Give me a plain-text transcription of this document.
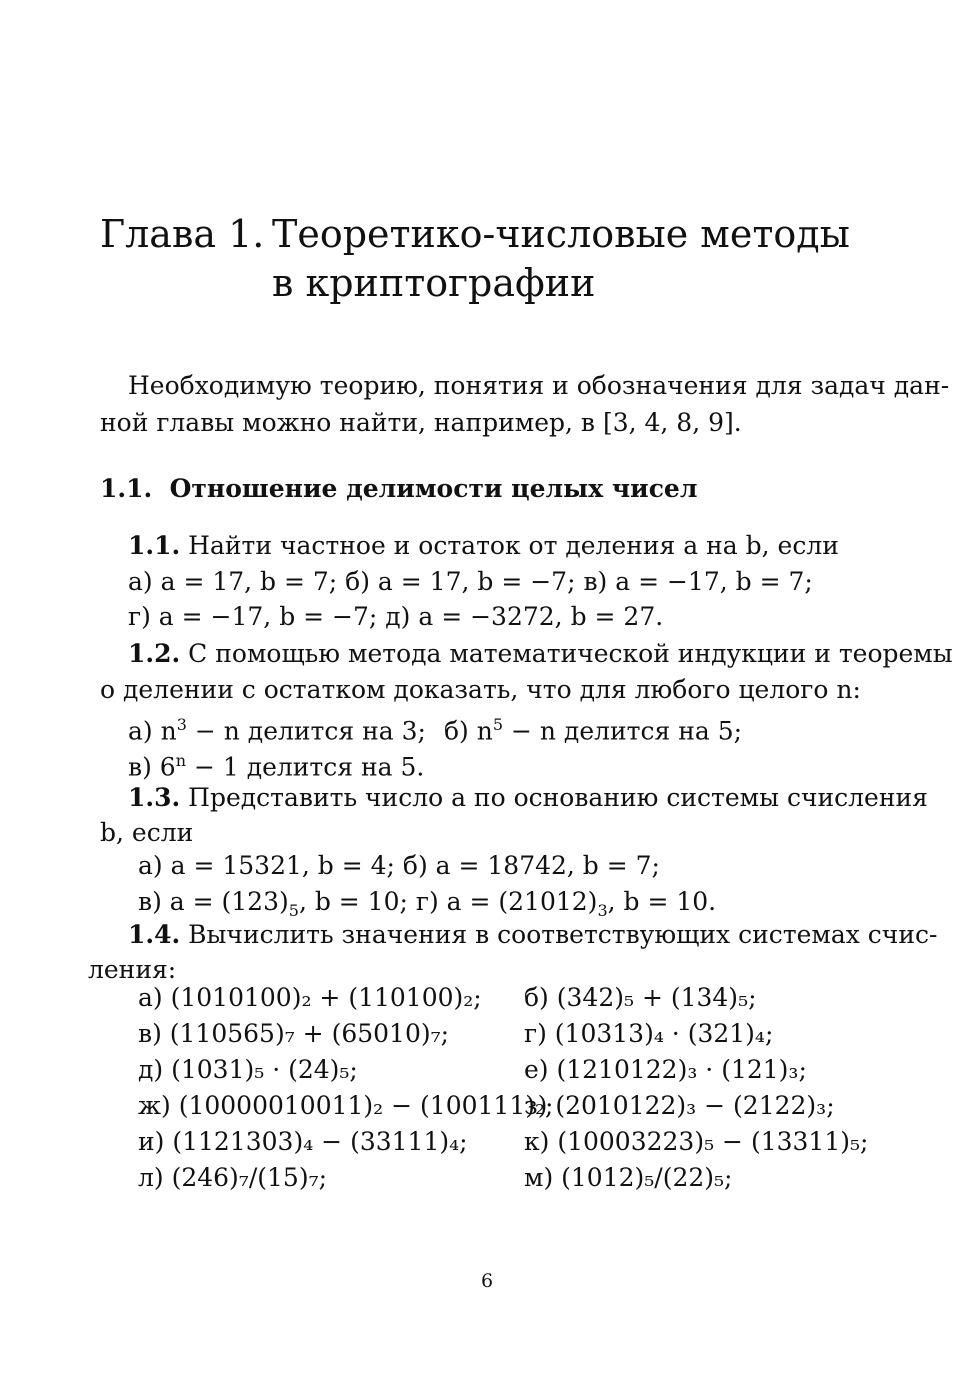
Глава 1. Теоретико-числовые методы
в криптографии
Необходимую теорию, понятия и обозначения для задач дан-
ной главы можно найти, например, в [3, 4, 8, 9].
1.1. Отношение делимости целых чисел
1.1. Найти частное и остаток от деления a на b, если
а) a = 17, b = 7; б) a = 17, b = −7; в) a = −17, b = 7;
г) a = −17, b = −7; д) a = −3272, b = 27.
1.2. С помощью метода математической индукции и теоремы
о делении с остатком доказать, что для любого целого n:
а) $n^3 - n$ делится на 3; б) $n^5 - n$ делится на 5;
в) $6^n - 1$ делится на 5.
1.3. Представить число a по основанию системы счисления
b, если
а) a = 15321, b = 4; б) a = 18742, b = 7;
в) $a = (123)_5$, b = 10; г) $a = (21012)_3$, b = 10.
1.4. Вычислить значения в соответствующих системах счис-
ления:
а) (1010100)₂ + (110100)₂;
в) (110565)₇ + (65010)₇;
д) (1031)₅ · (24)₅;
ж) (10000010011)₂ − (100111)₂;
и) (1121303)₄ − (33111)₄;
л) (246)₇/(15)₇;
б) (342)₅ + (134)₅;
г) (10313)₄ · (321)₄;
е) (1210122)₃ · (121)₃;
з) (2010122)₃ − (2122)₃;
к) (10003223)₅ − (13311)₅;
м) (1012)₅/(22)₅;
6
